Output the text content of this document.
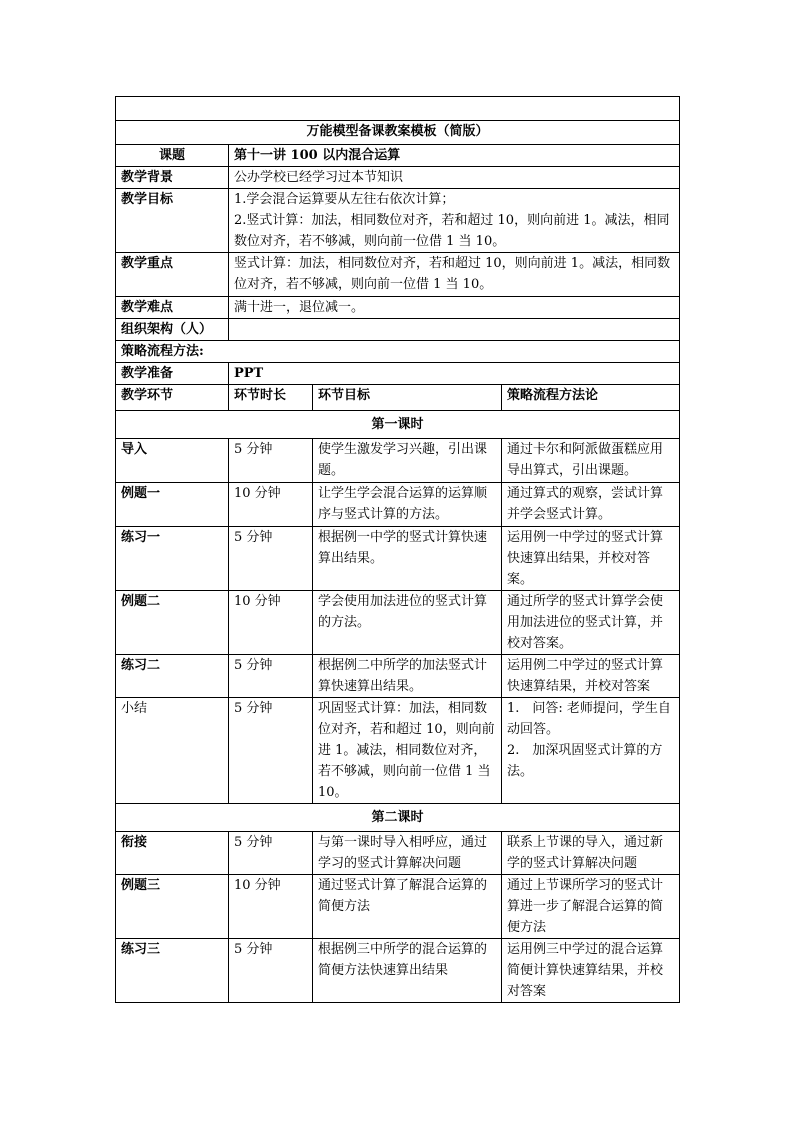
万能模型备课教案模板（简版）			
课题	第十一讲 100 以内混合运算		
教学背景	公办学校已经学习过本节知识		
教学目标	1.学会混合运算要从左往右依次计算；
2.竖式计算：加法，相同数位对齐，若和超过 10，则向前进 1。减法，相同数位对齐，若不够减，则向前一位借 1 当 10。		

教学重点	竖式计算：加法，相同数位对齐，若和超过 10，则向前进 1。减法，相同数位对齐，若不够减，则向前一位借 1 当 10。		
教学难点	满十进一，退位减一。		
组织架构（人）			
策略流程方法:			
教学准备	PPT		
教学环节	环节时长	环节目标	策略流程方法论
第一课时			
导入	5 分钟	使学生激发学习兴趣，引出课题。	通过卡尔和阿派做蛋糕应用导出算式，引出课题。
例题一	10 分钟	让学生学会混合运算的运算顺序与竖式计算的方法。	通过算式的观察，尝试计算并学会竖式计算。
练习一	5 分钟	根据例一中学的竖式计算快速算出结果。	运用例一中学过的竖式计算快速算出结果，并校对答案。
例题二	10 分钟	学会使用加法进位的竖式计算的方法。	通过所学的竖式计算学会使用加法进位的竖式计算，并校对答案。
练习二	5 分钟	根据例二中所学的加法竖式计算快速算出结果。	运用例二中学过的竖式计算快速算结果，并校对答案
小结	5 分钟	巩固竖式计算：加法，相同数位对齐，若和超过 10，则向前进 1。减法，相同数位对齐，若不够减，则向前一位借 1 当 10。	1.　问答: 老师提问，学生自动回答。
2.　加深巩固竖式计算的方法。

第二课时			
衔接	5 分钟	与第一课时导入相呼应，通过学习的竖式计算解决问题	联系上节课的导入，通过新学的竖式计算解决问题
例题三	10 分钟	通过竖式计算了解混合运算的简便方法	通过上节课所学习的竖式计算进一步了解混合运算的简便方法
练习三	5 分钟	根据例三中所学的混合运算的简便方法快速算出结果	运用例三中学过的混合运算简便计算快速算结果，并校对答案
